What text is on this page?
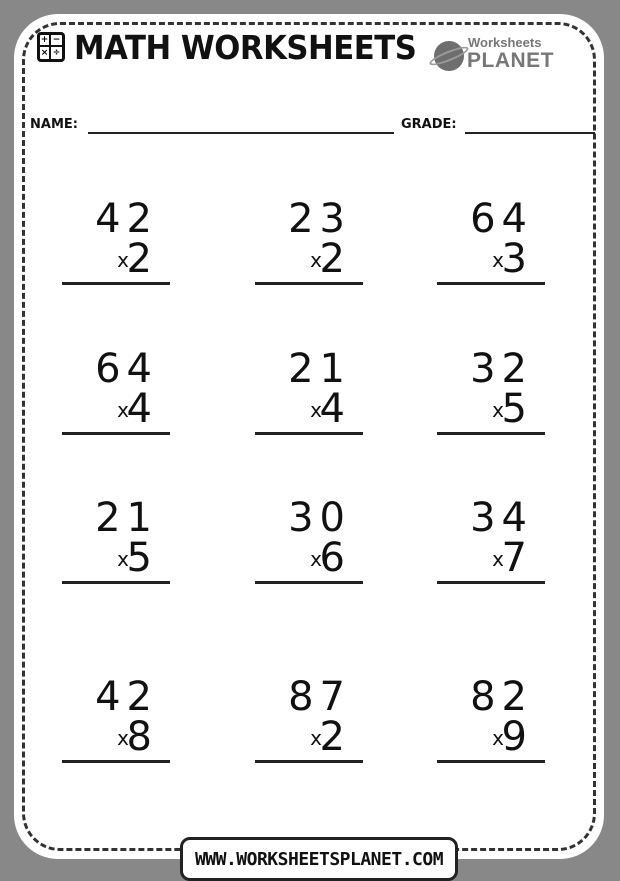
+ −
× ÷ MATH WORKSHEETS	Worksheets
PLANET
NAME:	GRADE:
42
x
2
23
x
2
64
x
3
64
x
4
21
x
4
32
x
5
21
x
5
30
x
6
34
x
7
42
x
8
87
x
2
82
x
9
WWW.WORKSHEETSPLANET.COM
